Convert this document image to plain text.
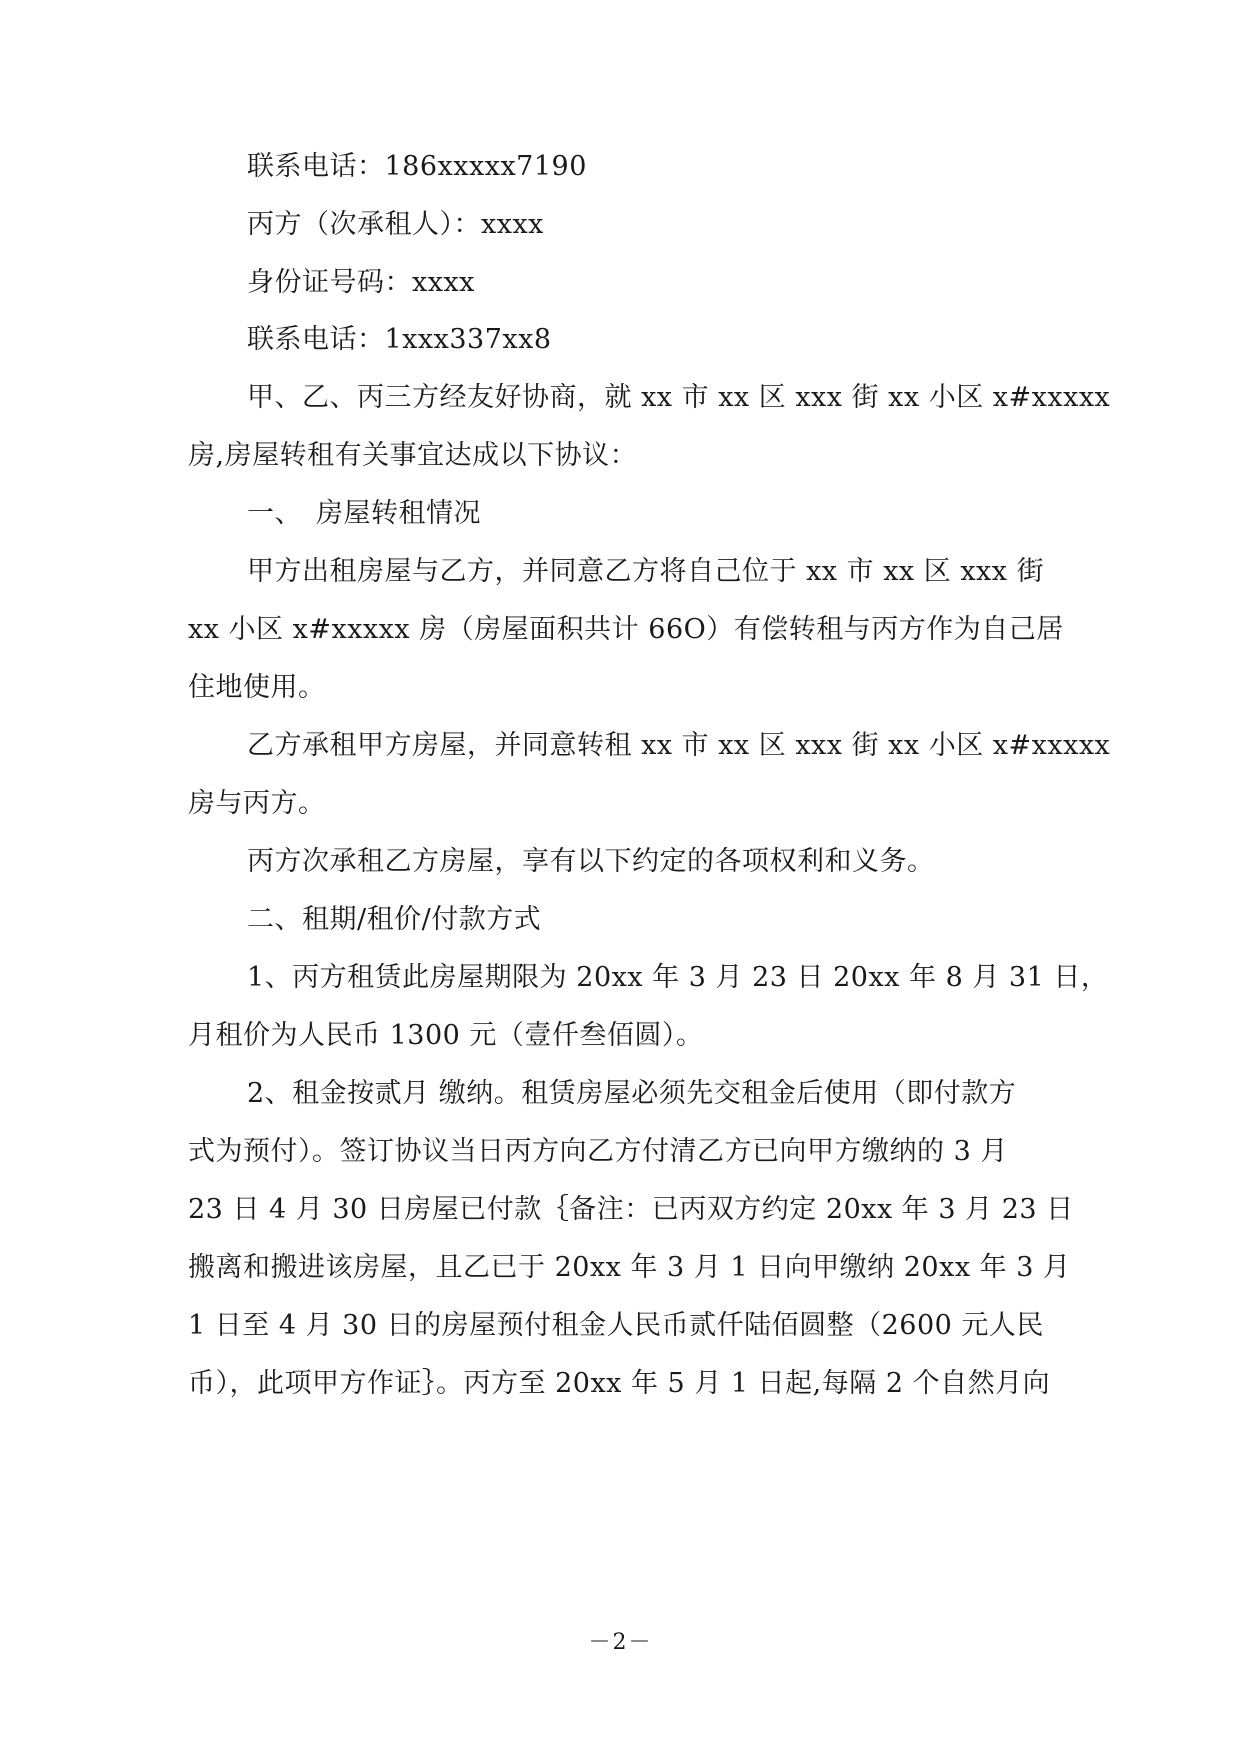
联系电话：186xxxxx7190
丙方（次承租人）：xxxx
身份证号码：xxxx
联系电话：1xxx337xx8
甲、乙、丙三方经友好协商，就 xx 市 xx 区 xxx 街 xx 小区 x#xxxxx
房,房屋转租有关事宜达成以下协议：
一、　房屋转租情况
甲方出租房屋与乙方，并同意乙方将自己位于 xx 市 xx 区 xxx 街
xx 小区 x#xxxxx 房（房屋面积共计 66O）有偿转租与丙方作为自己居
住地使用。
乙方承租甲方房屋，并同意转租 xx 市 xx 区 xxx 街 xx 小区 x#xxxxx
房与丙方。
丙方次承租乙方房屋，享有以下约定的各项权利和义务。
二、租期/租价/付款方式
1、丙方租赁此房屋期限为 20xx 年 3 月 23 日 20xx 年 8 月 31 日，
月租价为人民币 1300 元（壹仟叁佰圆）。
2、租金按贰月 缴纳。租赁房屋必须先交租金后使用（即付款方
式为预付）。签订协议当日丙方向乙方付清乙方已向甲方缴纳的 3 月
23 日 4 月 30 日房屋已付款｛备注：已丙双方约定 20xx 年 3 月 23 日
搬离和搬进该房屋，且乙已于 20xx 年 3 月 1 日向甲缴纳 20xx 年 3 月
1 日至 4 月 30 日的房屋预付租金人民币贰仟陆佰圆整（2600 元人民
币），此项甲方作证｝。丙方至 20xx 年 5 月 1 日起,每隔 2 个自然月向
－2－
